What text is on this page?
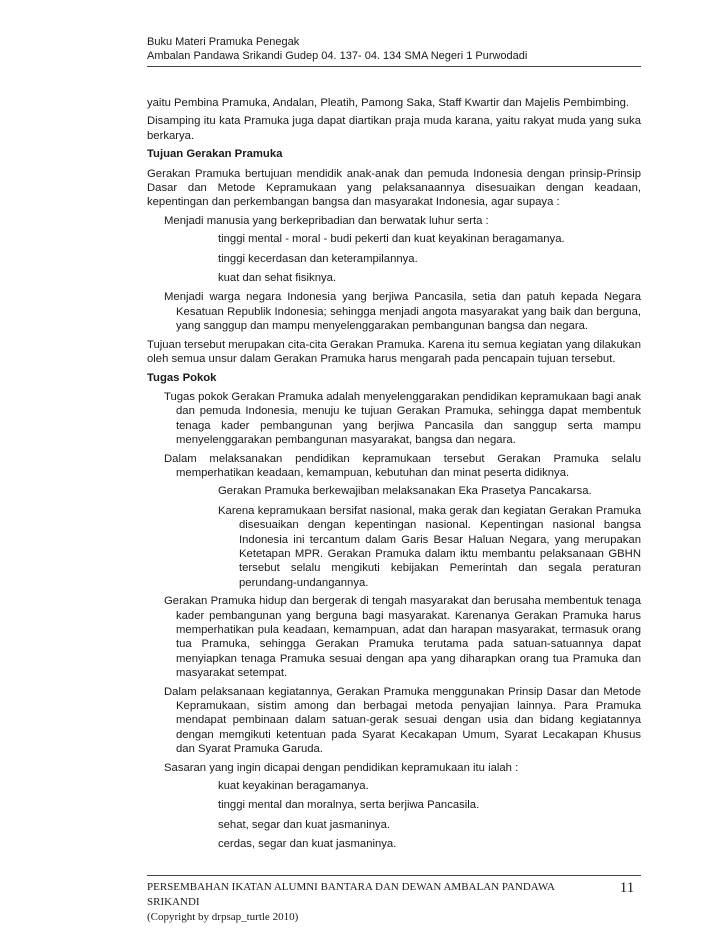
Buku Materi Pramuka Penegak
Ambalan Pandawa Srikandi Gudep 04. 137- 04. 134 SMA Negeri 1 Purwodadi

yaitu Pembina Pramuka, Andalan, Pleatih, Pamong Saka, Staff Kwartir dan Majelis Pembimbing.

Disamping itu kata Pramuka juga dapat diartikan praja muda karana, yaitu rakyat muda yang suka berkarya.

Tujuan Gerakan Pramuka

Gerakan Pramuka bertujuan mendidik anak-anak dan pemuda Indonesia dengan prinsip-Prinsip Dasar dan Metode Kepramukaan yang pelaksanaannya disesuaikan dengan keadaan, kepentingan dan perkembangan bangsa dan masyarakat Indonesia, agar supaya :

Menjadi manusia yang berkepribadian dan berwatak luhur serta :

tinggi mental - moral - budi pekerti dan kuat keyakinan beragamanya.

tinggi kecerdasan dan keterampilannya.

kuat dan sehat fisiknya.

Menjadi warga negara Indonesia yang berjiwa Pancasila, setia dan patuh kepada Negara Kesatuan Republik Indonesia; sehingga menjadi angota masyarakat yang baik dan berguna, yang sanggup dan mampu menyelenggarakan pembangunan bangsa dan negara.

Tujuan tersebut merupakan cita-cita Gerakan Pramuka. Karena itu semua kegiatan yang dilakukan oleh semua unsur dalam Gerakan Pramuka harus mengarah pada pencapain tujuan tersebut.

Tugas Pokok

Tugas pokok Gerakan Pramuka adalah menyelenggarakan pendidikan kepramukaan bagi anak dan pemuda Indonesia, menuju ke tujuan Gerakan Pramuka, sehingga dapat membentuk tenaga kader pembangunan yang berjiwa Pancasila dan sanggup serta mampu menyelenggarakan pembangunan masyarakat, bangsa dan negara.

Dalam melaksanakan pendidikan kepramukaan tersebut Gerakan Pramuka selalu memperhatikan keadaan, kemampuan, kebutuhan dan minat peserta didiknya.

Gerakan Pramuka berkewajiban melaksanakan Eka Prasetya Pancakarsa.

Karena kepramukaan bersifat nasional, maka gerak dan kegiatan Gerakan Pramuka disesuaikan dengan kepentingan nasional. Kepentingan nasional bangsa Indonesia ini tercantum dalam Garis Besar Haluan Negara, yang merupakan Ketetapan MPR. Gerakan Pramuka dalam iktu membantu pelaksanaan GBHN tersebut selalu mengikuti kebijakan Pemerintah dan segala peraturan perundang-undangannya.

Gerakan Pramuka hidup dan bergerak di tengah masyarakat dan berusaha membentuk tenaga kader pembangunan yang berguna bagi masyarakat. Karenanya Gerakan Pramuka harus memperhatikan pula keadaan, kemampuan, adat dan harapan masyarakat, termasuk orang tua Pramuka, sehingga Gerakan Pramuka terutama pada satuan-satuannya dapat menyiapkan tenaga Pramuka sesuai dengan apa yang diharapkan orang tua Pramuka dan masyarakat setempat.

Dalam pelaksanaan kegiatannya, Gerakan Pramuka menggunakan Prinsip Dasar dan Metode Kepramukaan, sistim among dan berbagai metoda penyajian lainnya. Para Pramuka mendapat pembinaan dalam satuan-gerak sesuai dengan usia dan bidang kegiatannya dengan memgikuti ketentuan pada Syarat Kecakapan Umum, Syarat Lecakapan Khusus dan Syarat Pramuka Garuda.

Sasaran yang ingin dicapai dengan pendidikan kepramukaan itu ialah :

kuat keyakinan beragamanya.

tinggi mental dan moralnya, serta berjiwa Pancasila.

sehat, segar dan kuat jasmaninya.

cerdas, segar dan kuat jasmaninya.

PERSEMBAHAN IKATAN ALUMNI BANTARA DAN DEWAN AMBALAN PANDAWA SRIKANDI
(Copyright by drpsap_turtle 2010)
11
